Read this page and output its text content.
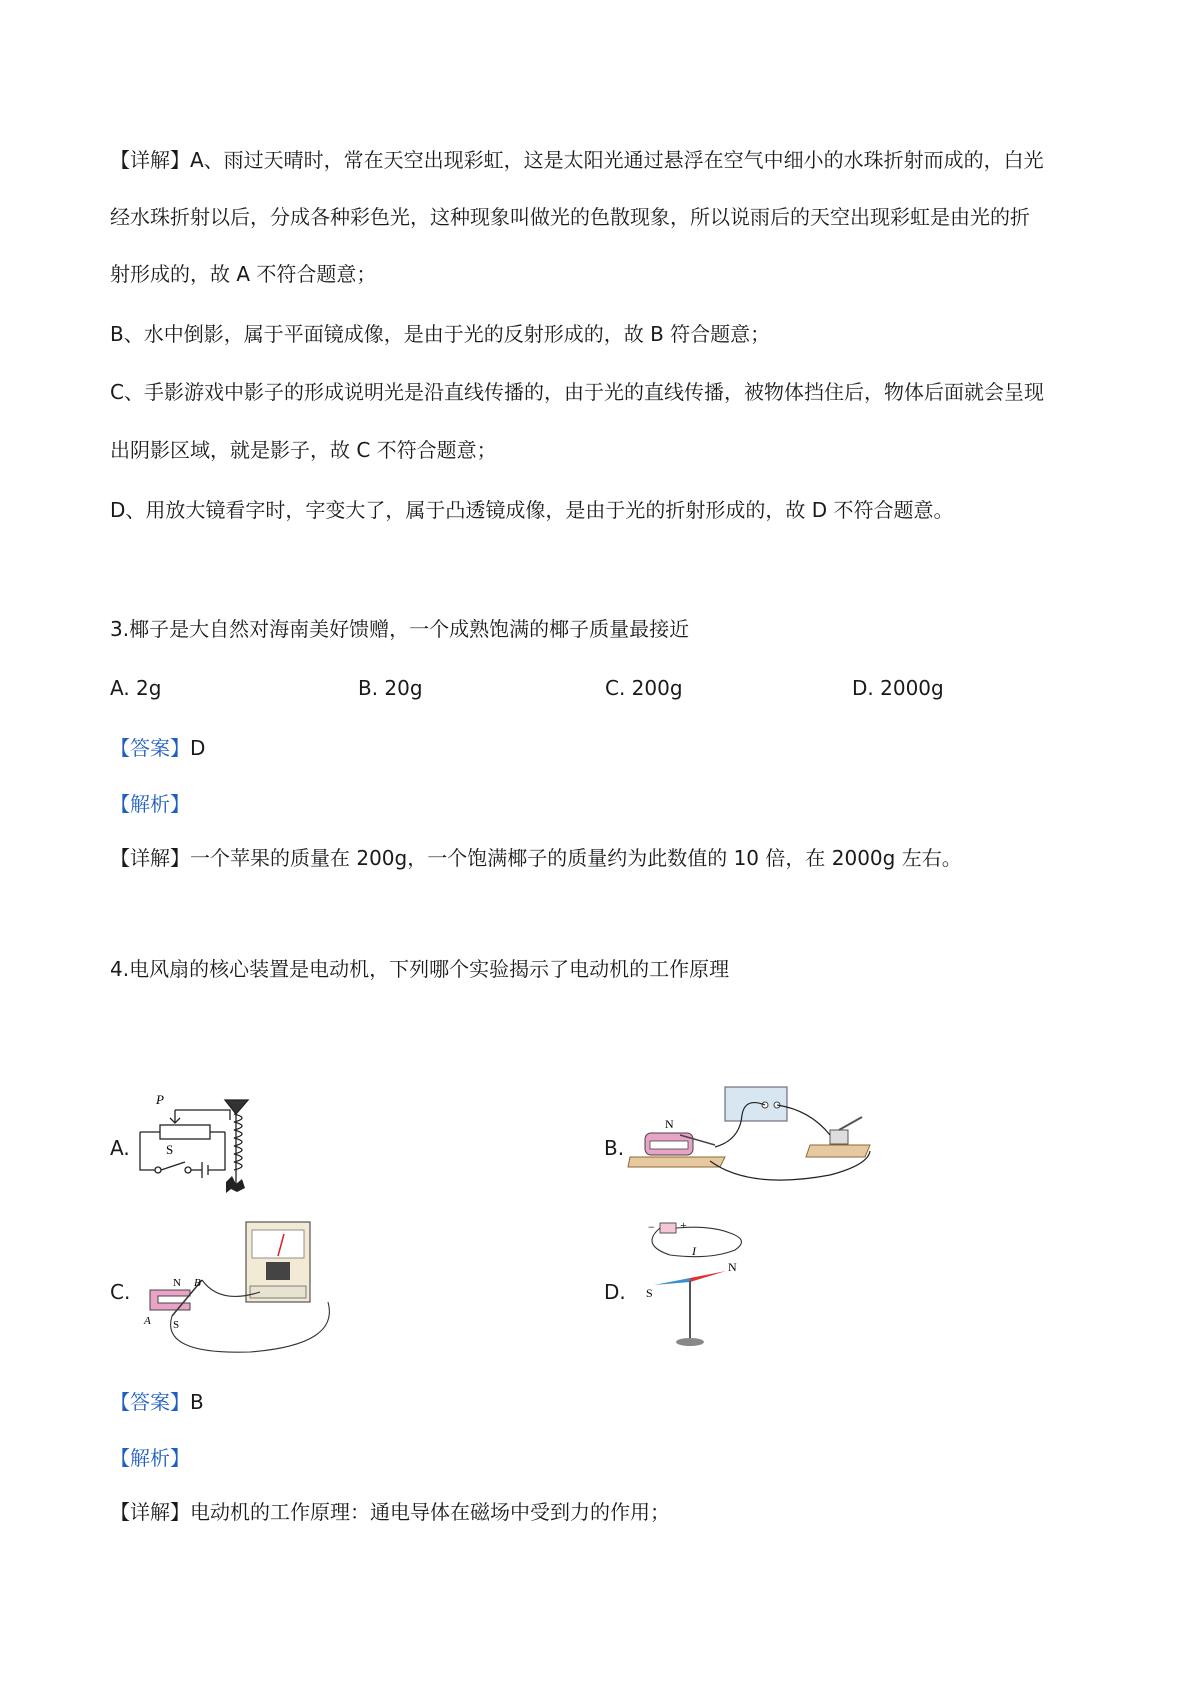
【详解】A、雨过天晴时，常在天空出现彩虹，这是太阳光通过悬浮在空气中细小的水珠折射而成的，白光
经水珠折射以后，分成各种彩色光，这种现象叫做光的色散现象，所以说雨后的天空出现彩虹是由光的折
射形成的，故 A 不符合题意；
B、水中倒影，属于平面镜成像，是由于光的反射形成的，故 B 符合题意；
C、手影游戏中影子的形成说明光是沿直线传播的，由于光的直线传播，被物体挡住后，物体后面就会呈现
出阴影区域，就是影子，故 C 不符合题意；
D、用放大镜看字时，字变大了，属于凸透镜成像，是由于光的折射形成的，故 D 不符合题意。
3.椰子是大自然对海南美好馈赠，一个成熟饱满的椰子质量最接近
A. 2g	B. 20g	C. 200g	D. 2000g
【答案】D
【解析】
【详解】一个苹果的质量在 200g，一个饱满椰子的质量约为此数值的 10 倍，在 2000g 左右。
4.电风扇的核心装置是电动机，下列哪个实验揭示了电动机的工作原理
A.	B.
C.	D.
P
S
N
N
S
A
B
− +
I
S
N
【答案】B
【解析】
【详解】电动机的工作原理：通电导体在磁场中受到力的作用；
